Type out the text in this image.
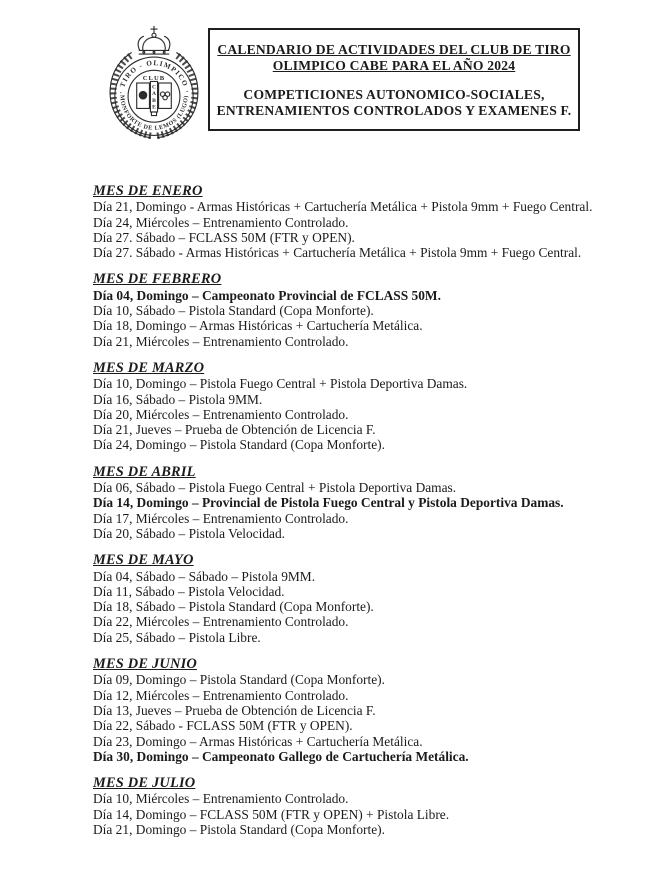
· TIRO - OLIMPICO ·
MONFORTE DE LEMOS (LUGO)
CLUB
C
A
B
E
CALENDARIO DE ACTIVIDADES DEL CLUB DE TIRO
OLIMPICO CABE PARA EL AÑO 2024
COMPETICIONES AUTONOMICO-SOCIALES,
ENTRENAMIENTOS CONTROLADOS Y EXAMENES F.
MES DE ENERO
Día 21, Domingo - Armas Históricas + Cartuchería Metálica + Pistola 9mm + Fuego Central.
Día 24, Miércoles – Entrenamiento Controlado.
Día 27. Sábado – FCLASS 50M (FTR y OPEN).
Día 27. Sábado - Armas Históricas + Cartuchería Metálica + Pistola 9mm + Fuego Central.
MES DE FEBRERO
Día 04, Domingo – Campeonato Provincial de FCLASS 50M.
Día 10, Sábado – Pistola Standard (Copa Monforte).
Día 18, Domingo – Armas Históricas + Cartuchería Metálica.
Día 21, Miércoles – Entrenamiento Controlado.
MES DE MARZO
Día 10, Domingo – Pistola Fuego Central + Pistola Deportiva Damas.
Día 16, Sábado – Pistola 9MM.
Día 20, Miércoles – Entrenamiento Controlado.
Día 21, Jueves – Prueba de Obtención de Licencia F.
Día 24, Domingo – Pistola Standard (Copa Monforte).
MES DE ABRIL
Día 06, Sábado – Pistola Fuego Central + Pistola Deportiva Damas.
Día 14, Domingo – Provincial de Pistola Fuego Central y Pistola Deportiva Damas.
Día 17, Miércoles – Entrenamiento Controlado.
Día 20, Sábado – Pistola Velocidad.
MES DE MAYO
Día 04, Sábado – Sábado – Pistola 9MM.
Día 11, Sábado – Pistola Velocidad.
Día 18, Sábado – Pistola Standard (Copa Monforte).
Día 22, Miércoles – Entrenamiento Controlado.
Día 25, Sábado – Pistola Libre.
MES DE JUNIO
Día 09, Domingo – Pistola Standard (Copa Monforte).
Día 12, Miércoles – Entrenamiento Controlado.
Día 13, Jueves – Prueba de Obtención de Licencia F.
Día 22, Sábado - FCLASS 50M (FTR y OPEN).
Día 23, Domingo – Armas Históricas + Cartuchería Metálica.
Día 30, Domingo – Campeonato Gallego de Cartuchería Metálica.
MES DE JULIO
Día 10, Miércoles – Entrenamiento Controlado.
Día 14, Domingo – FCLASS 50M (FTR y OPEN) + Pistola Libre.
Día 21, Domingo – Pistola Standard (Copa Monforte).
